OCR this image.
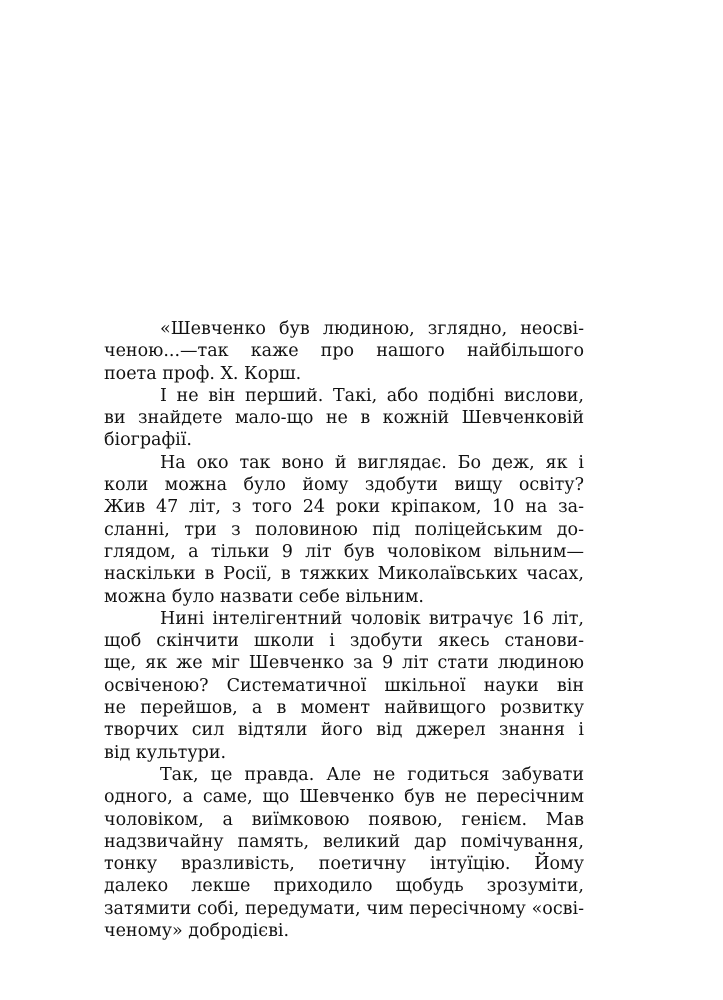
«Шевченко був людиною, зглядно, неосві-
ченою...—так каже про нашого найбільшого
поета проф. Х. Корш.
І не він перший. Такі, або подібні вислови,
ви знайдете мало-що не в кожній Шевченковій
біографії.
На око так воно й виглядає. Бо деж, як і
коли можна було йому здобути вищу освіту?
Жив 47 літ, з того 24 роки кріпаком, 10 на за-
сланні, три з половиною під поліцейським до-
глядом, а тільки 9 літ був чоловіком вільним—
наскільки в Росії, в тяжких Миколаївських часах,
можна було назвати себе вільним.
Нині інтелігентний чоловік витрачує 16 літ,
щоб скінчити школи і здобути якесь станови-
ще, як же міг Шевченко за 9 літ стати людиною
освіченою? Систематичної шкільної науки він
не перейшов, а в момент найвищого розвитку
творчих сил відтяли його від джерел знання і
від культури.
Так, це правда. Але не годиться забувати
одного, а саме, що Шевченко був не пересічним
чоловіком, а виїмковою появою, генієм. Мав
надзвичайну память, великий дар помічування,
тонку вразливість, поетичну інтуїцію. Йому
далеко лекше приходило щобудь зрозуміти,
затямити собі, передумати, чим пересічному «осві-
ченому» добродієві.
